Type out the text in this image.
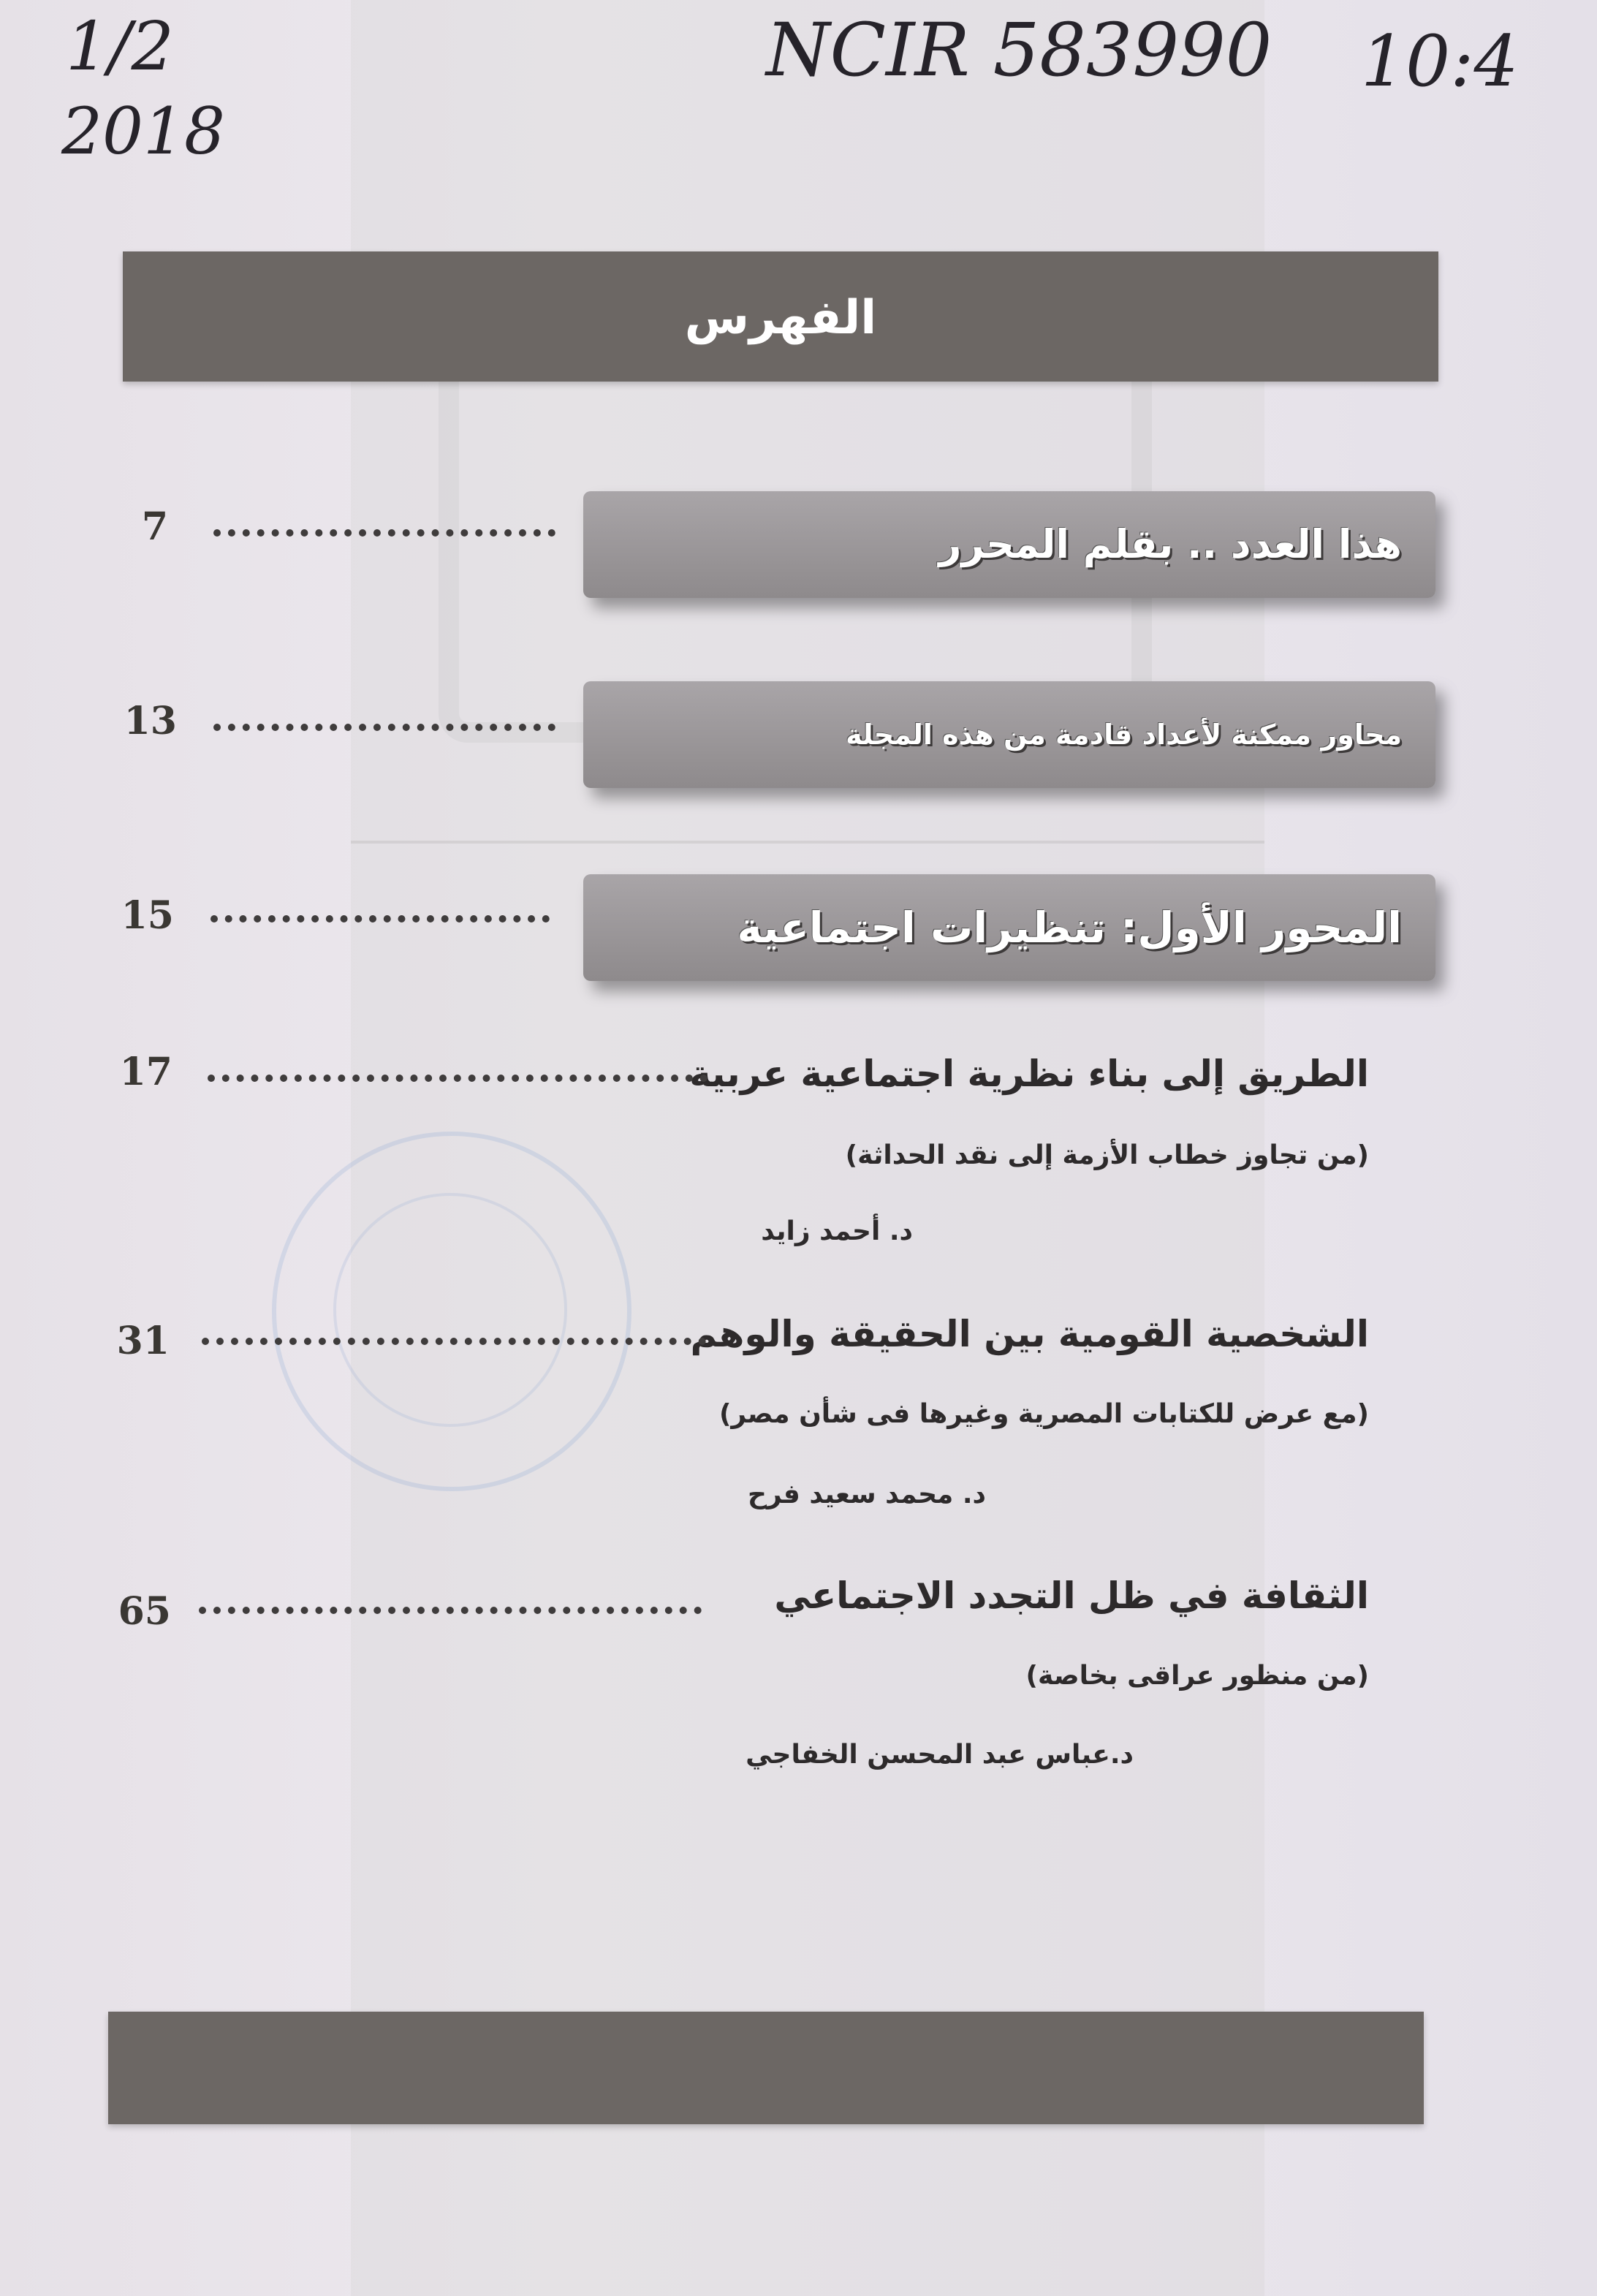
1/2
2018
NCIR 583990 10:4
الفهرس
هذا العدد .. بقلم المحرر
7
محاور ممكنة لأعداد قادمة من هذه المجلة
13
المحور الأول: تنظيرات اجتماعية
15
الطريق إلى بناء نظرية اجتماعية عربية
17
(من تجاوز خطاب الأزمة إلى نقد الحداثة)
د. أحمد زايد
الشخصية القومية بين الحقيقة والوهم
31
(مع عرض للكتابات المصرية وغيرها فى شأن مصر)
د. محمد سعيد فرح
الثقافة في ظل التجدد الاجتماعي
65
(من منظور عراقى بخاصة)
د.عباس عبد المحسن الخفاجي
